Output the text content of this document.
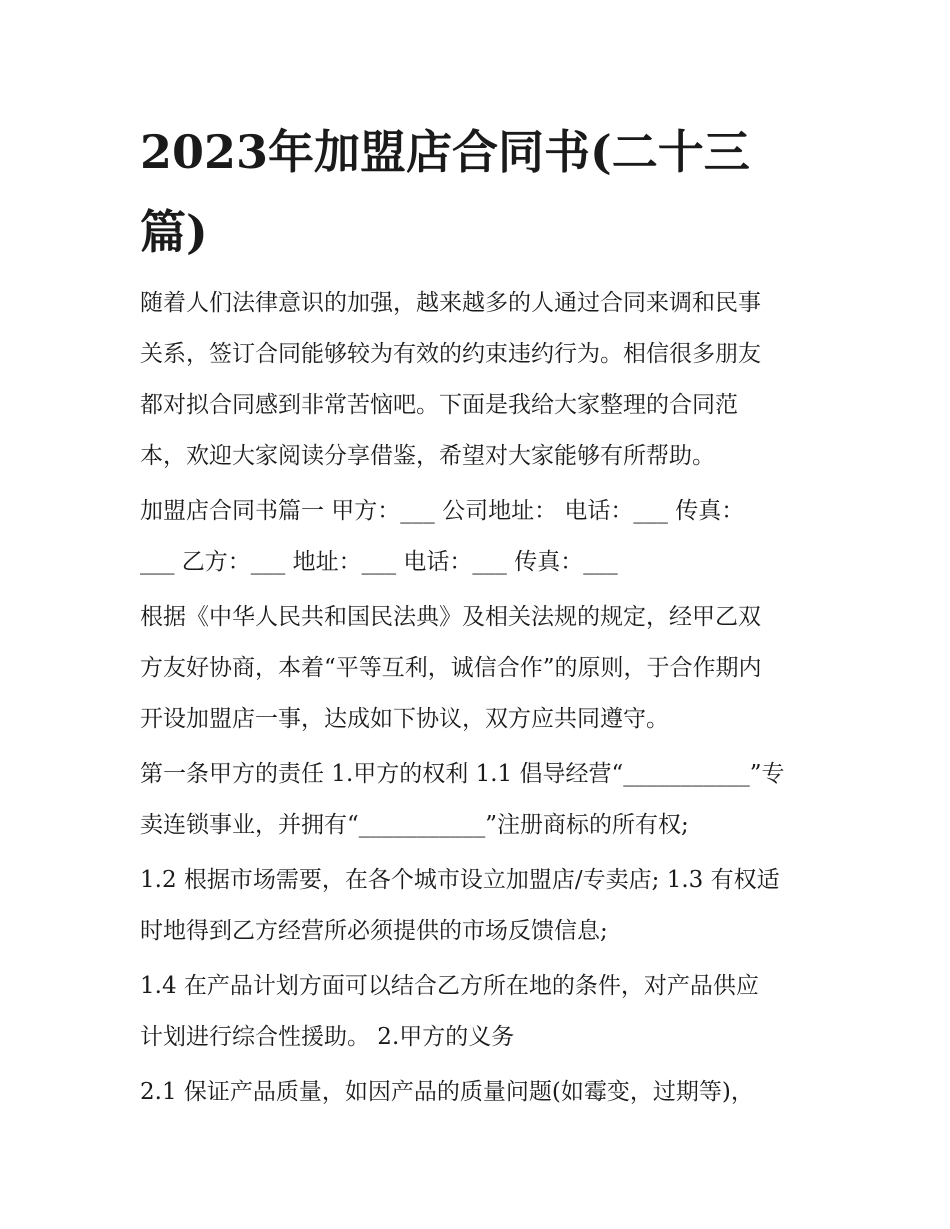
2023年加盟店合同书(二十三
篇)
随着人们法律意识的加强，越来越多的人通过合同来调和民事
关系，签订合同能够较为有效的约束违约行为。相信很多朋友
都对拟合同感到非常苦恼吧。下面是我给大家整理的合同范
本，欢迎大家阅读分享借鉴，希望对大家能够有所帮助。
加盟店合同书篇一 甲方：___ 公司地址： 电话：___ 传真：
___ 乙方：___ 地址：___ 电话：___ 传真：___
根据《中华人民共和国民法典》及相关法规的规定，经甲乙双
方友好协商，本着“平等互利，诚信合作”的原则，于合作期内
开设加盟店一事，达成如下协议，双方应共同遵守。
第一条甲方的责任 1.甲方的权利 1.1 倡导经营“___________”专
卖连锁事业，并拥有“___________”注册商标的所有权;
1.2 根据市场需要，在各个城市设立加盟店/专卖店; 1.3 有权适
时地得到乙方经营所必须提供的市场反馈信息;
1.4 在产品计划方面可以结合乙方所在地的条件，对产品供应
计划进行综合性援助。 2.甲方的义务
2.1 保证产品质量，如因产品的质量问题(如霉变，过期等)，
